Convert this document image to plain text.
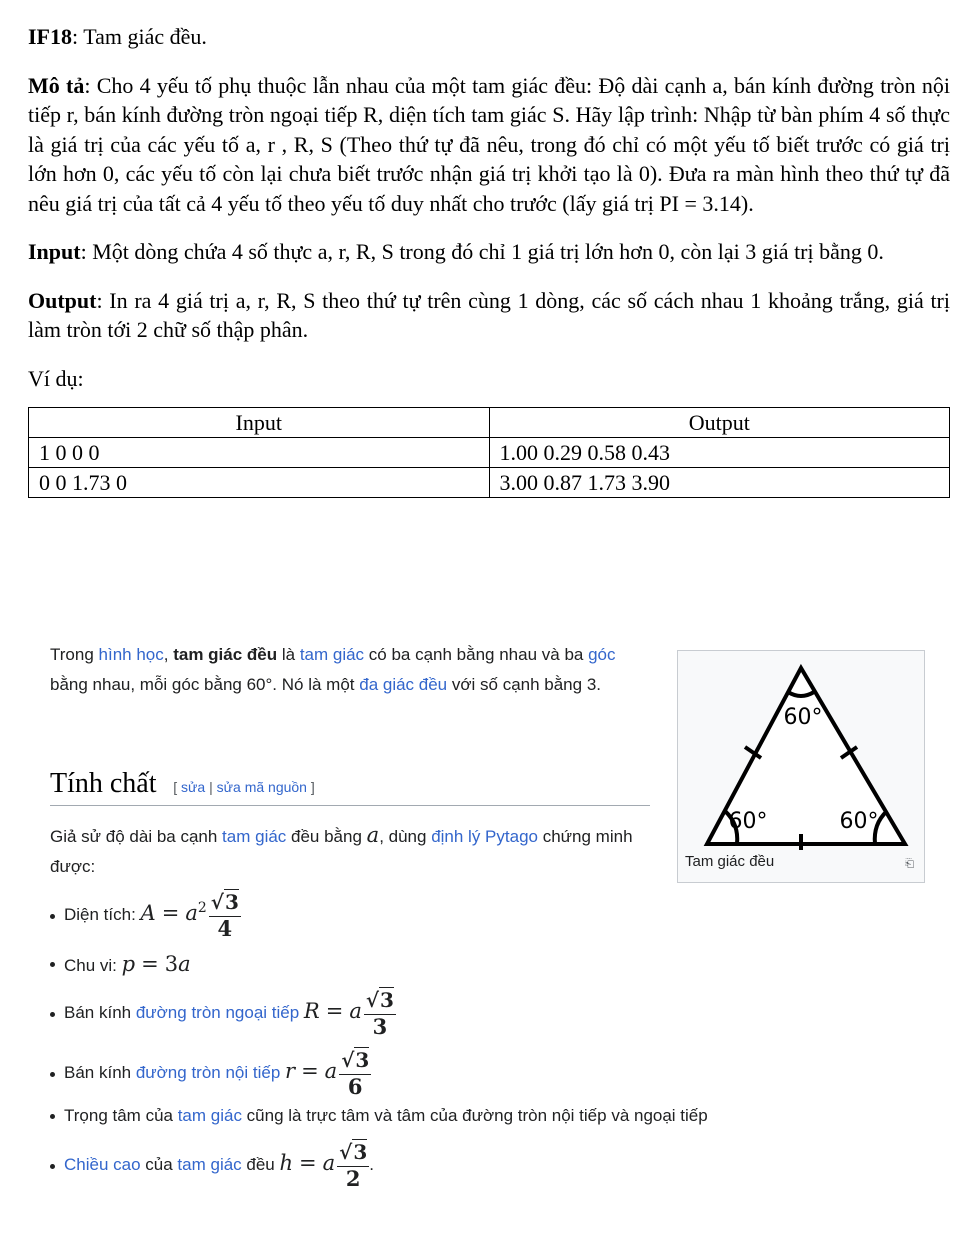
IF18: Tam giác đều.

Mô tả: Cho 4 yếu tố phụ thuộc lẫn nhau của một tam giác đều: Độ dài cạnh a, bán kính đường tròn nội tiếp r, bán kính đường tròn ngoại tiếp R, diện tích tam giác S. Hãy lập trình: Nhập từ bàn phím 4 số thực là giá trị của các yếu tố a, r , R, S (Theo thứ tự đã nêu, trong đó chỉ có một yếu tố biết trước có giá trị lớn hơn 0, các yếu tố còn lại chưa biết trước nhận giá trị khởi tạo là 0). Đưa ra màn hình theo thứ tự đã nêu giá trị của tất cả 4 yếu tố theo yếu tố duy nhất cho trước (lấy giá trị PI = 3.14).

Input: Một dòng chứa 4 số thực a, r, R, S trong đó chỉ 1 giá trị lớn hơn 0, còn lại 3 giá trị bằng 0.

Output: In ra 4 giá trị a, r, R, S theo thứ tự trên cùng 1 dòng, các số cách nhau 1 khoảng trắng, giá trị làm tròn tới 2 chữ số thập phân.

Ví dụ:

Input	Output
1 0 0 0	1.00 0.29 0.58 0.43
0 0 1.73 0	3.00 0.87 1.73 3.90
Trong hình học, tam giác đều là tam giác có ba cạnh bằng nhau và ba góc bằng nhau, mỗi góc bằng 60°. Nó là một đa giác đều với số cạnh bằng 3.
60°
60°	60°
Tam giác đều	⎗
Tính chất [ sửa | sửa mã nguồn ]
Giả sử độ dài ba cạnh tam giác đều bằng a, dùng định lý Pytago chứng minh được:
Diện tích: $A = a^2 \frac{√3}{4}$
Chu vi: p = 3a
Bán kính đường tròn ngoại tiếp R = a $\frac{√3}{3}$
Bán kính đường tròn nội tiếp r = a $\frac{√3}{6}$
Trọng tâm của tam giác cũng là trực tâm và tâm của đường tròn nội tiếp và ngoại tiếp
Chiều cao của tam giác đều h = a $\frac{√3}{2}$ .
